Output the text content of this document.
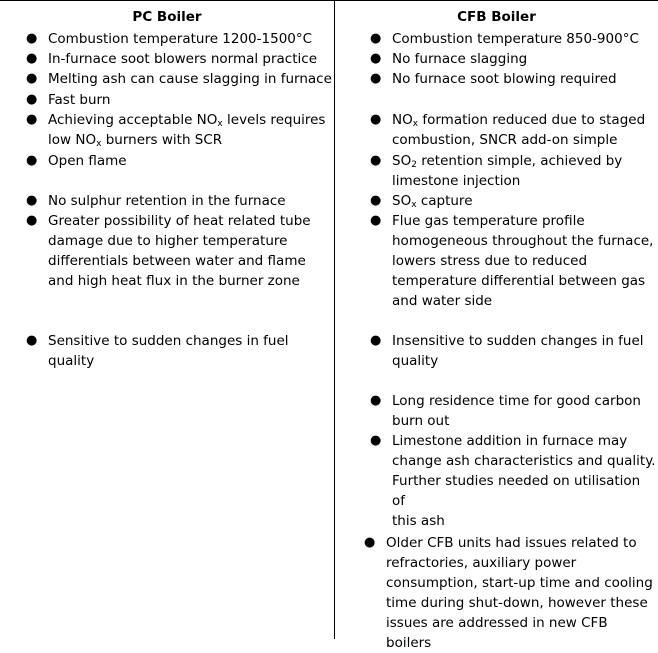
PC Boiler	CFB Boiler
● Combustion temperature 1200-1500°C
● In-furnace soot blowers normal practice
● Melting ash can cause slagging in furnace
● Fast burn
● Achieving acceptable $NO_x$ levels requires
low $NO_x$ burners with SCR
● Open flame
● No sulphur retention in the furnace
● Greater possibility of heat related tube
damage due to higher temperature
differentials between water and flame
and high heat flux in the burner zone
● Sensitive to sudden changes in fuel
quality
● Combustion temperature 850-900°C
● No furnace slagging
● No furnace soot blowing required
● $NO_x$ formation reduced due to staged
combustion, SNCR add-on simple
● $SO_2$ retention simple, achieved by
limestone injection
● $SO_x$ capture
● Flue gas temperature profile
homogeneous throughout the furnace,
lowers stress due to reduced
temperature differential between gas
and water side
● Insensitive to sudden changes in fuel
quality
● Long residence time for good carbon
burn out
● Limestone addition in furnace may
change ash characteristics and quality.
Further studies needed on utilisation of
this ash
● Older CFB units had issues related to
refractories, auxiliary power
consumption, start-up time and cooling
time during shut-down, however these
issues are addressed in new CFB boilers
